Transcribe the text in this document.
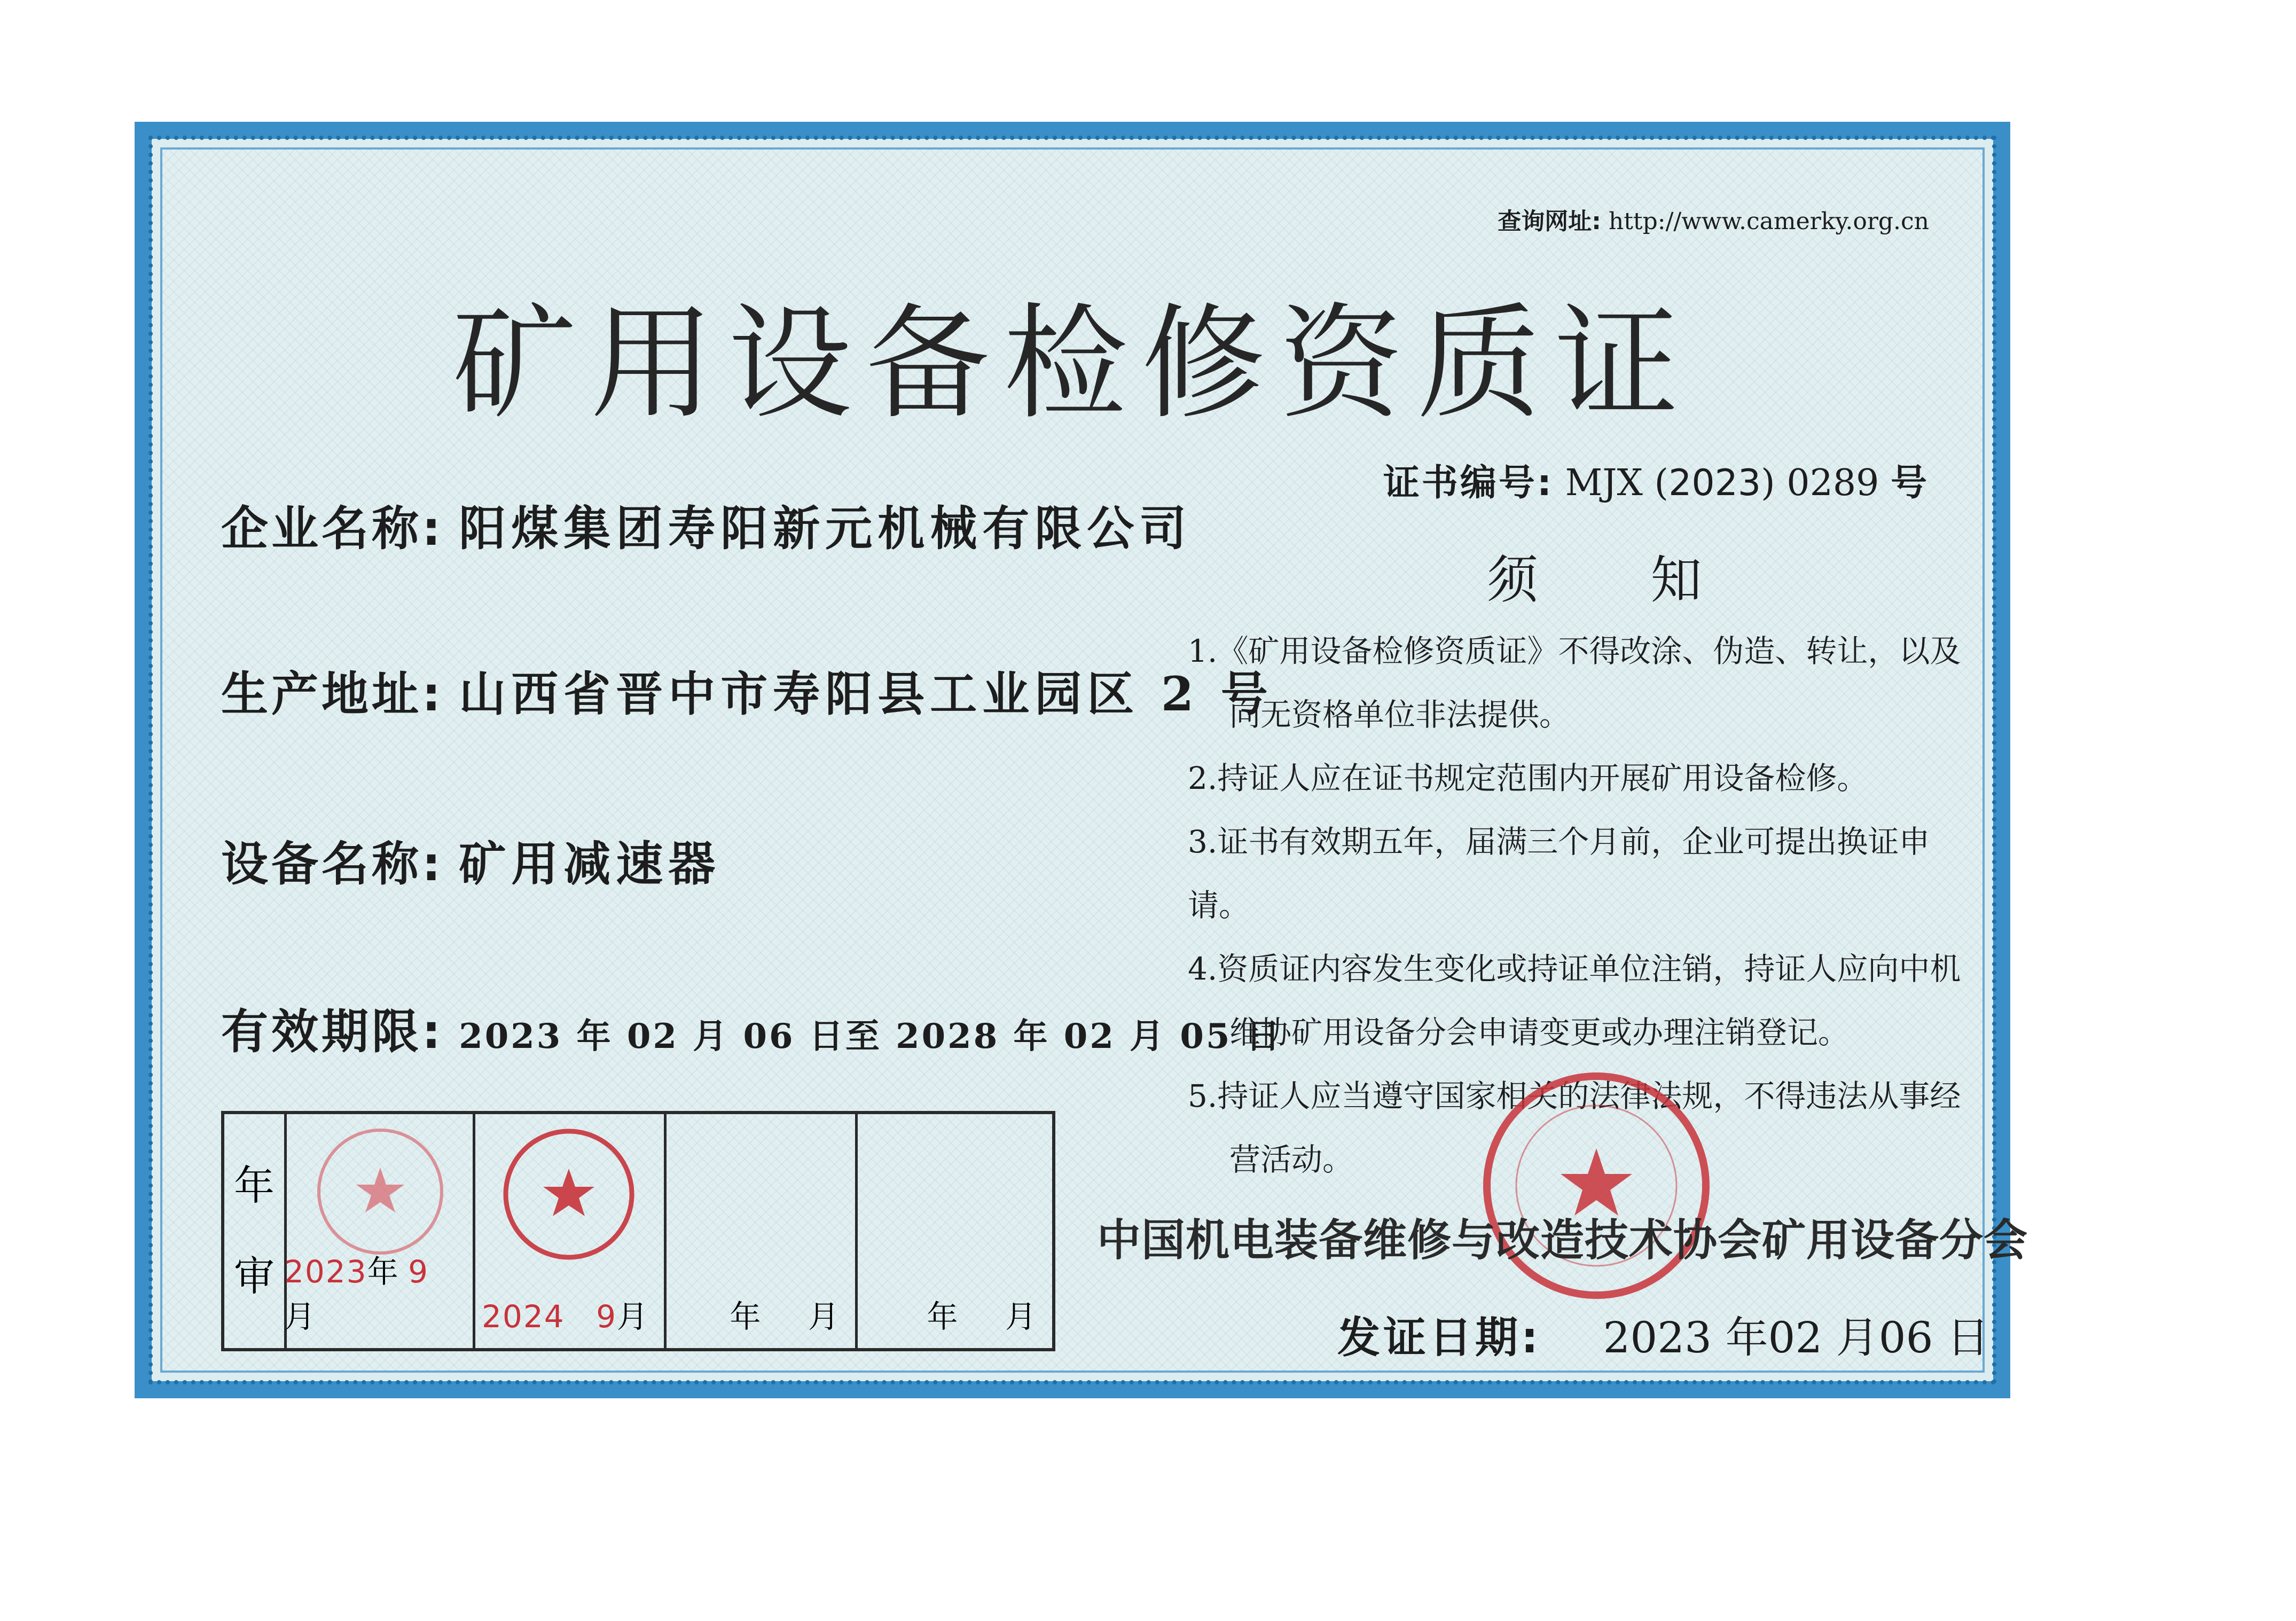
查询网址: http://www.camerky.org.cn
矿用设备检修资质证
证书编号: MJX (2023) 0289 号
企业名称: 阳煤集团寿阳新元机械有限公司
生产地址: 山西省晋中市寿阳县工业园区 2 号
设备名称: 矿用减速器
有效期限: 2023 年 02 月 06 日至 2028 年 02 月 05 日
须 知

1.《矿用设备检修资质证》不得改涂、伪造、转让，以及

向无资格单位非法提供。

2.持证人应在证书规定范围内开展矿用设备检修。

3.证书有效期五年，届满三个月前，企业可提出换证申请。

4.资质证内容发生变化或持证单位注销，持证人应向中机

维协矿用设备分会申请变更或办理注销登记。

5.持证人应当遵守国家相关的法律法规，不得违法从事经

营活动。

中国机电装备维修与改造技术协会矿用设备分会
发证日期: 2023 年02 月06 日
年
审 2023年 9月	2024 9月	年 月	年 月
